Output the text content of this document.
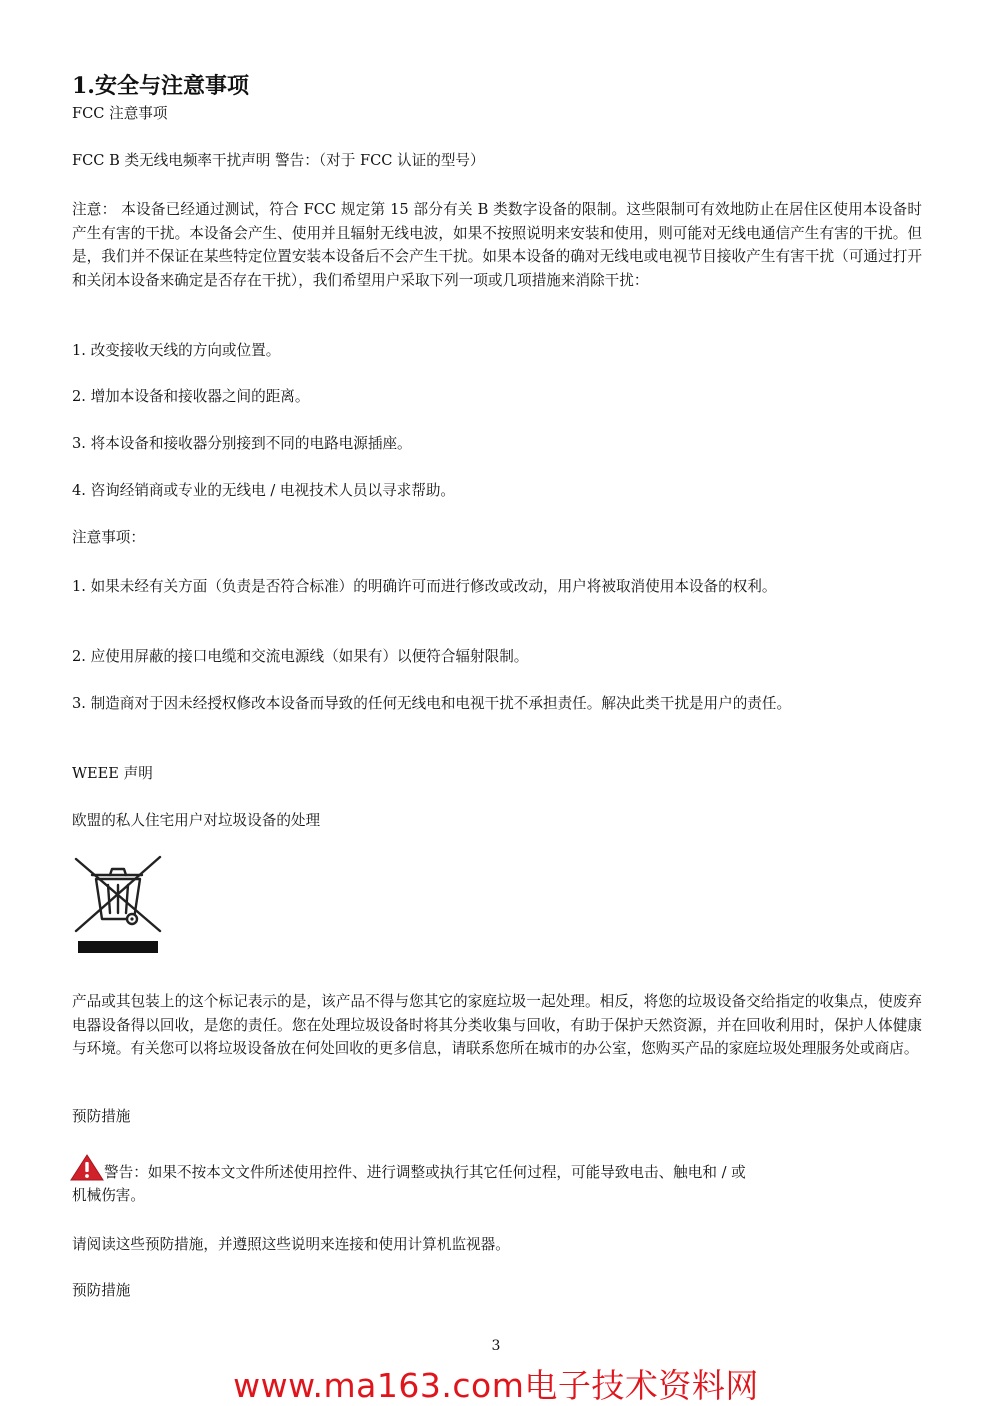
1.安全与注意事项

FCC 注意事项

FCC B 类无线电频率干扰声明 警告：（对于 FCC 认证的型号）

注意： 本设备已经通过测试，符合 FCC 规定第 15 部分有关 B 类数字设备的限制。这些限制可有效地防止在居住区使用本设备时产生有害的干扰。本设备会产生、使用并且辐射无线电波，如果不按照说明来安装和使用，则可能对无线电通信产生有害的干扰。但是，我们并不保证在某些特定位置安装本设备后不会产生干扰。如果本设备的确对无线电或电视节目接收产生有害干扰（可通过打开和关闭本设备来确定是否存在干扰），我们希望用户采取下列一项或几项措施来消除干扰：

1. 改变接收天线的方向或位置。

2. 增加本设备和接收器之间的距离。

3. 将本设备和接收器分别接到不同的电路电源插座。

4. 咨询经销商或专业的无线电 / 电视技术人员以寻求帮助。

注意事项：

1. 如果未经有关方面（负责是否符合标准）的明确许可而进行修改或改动，用户将被取消使用本设备的权利。

2. 应使用屏蔽的接口电缆和交流电源线（如果有）以便符合辐射限制。

3. 制造商对于因未经授权修改本设备而导致的任何无线电和电视干扰不承担责任。解决此类干扰是用户的责任。

WEEE 声明

欧盟的私人住宅用户对垃圾设备的处理

产品或其包装上的这个标记表示的是，该产品不得与您其它的家庭垃圾一起处理。相反，将您的垃圾设备交给指定的收集点，使废弃电器设备得以回收，是您的责任。您在处理垃圾设备时将其分类收集与回收，有助于保护天然资源，并在回收利用时，保护人体健康与环境。有关您可以将垃圾设备放在何处回收的更多信息，请联系您所在城市的办公室，您购买产品的家庭垃圾处理服务处或商店。

预防措施

请阅读这些预防措施，并遵照这些说明来连接和使用计算机监视器。

预防措施

警告：如果不按本文文件所述使用控件、进行调整或执行其它任何过程，可能导致电击、触电和 / 或

机械伤害。

3
www.ma163.com电子技术资料网
